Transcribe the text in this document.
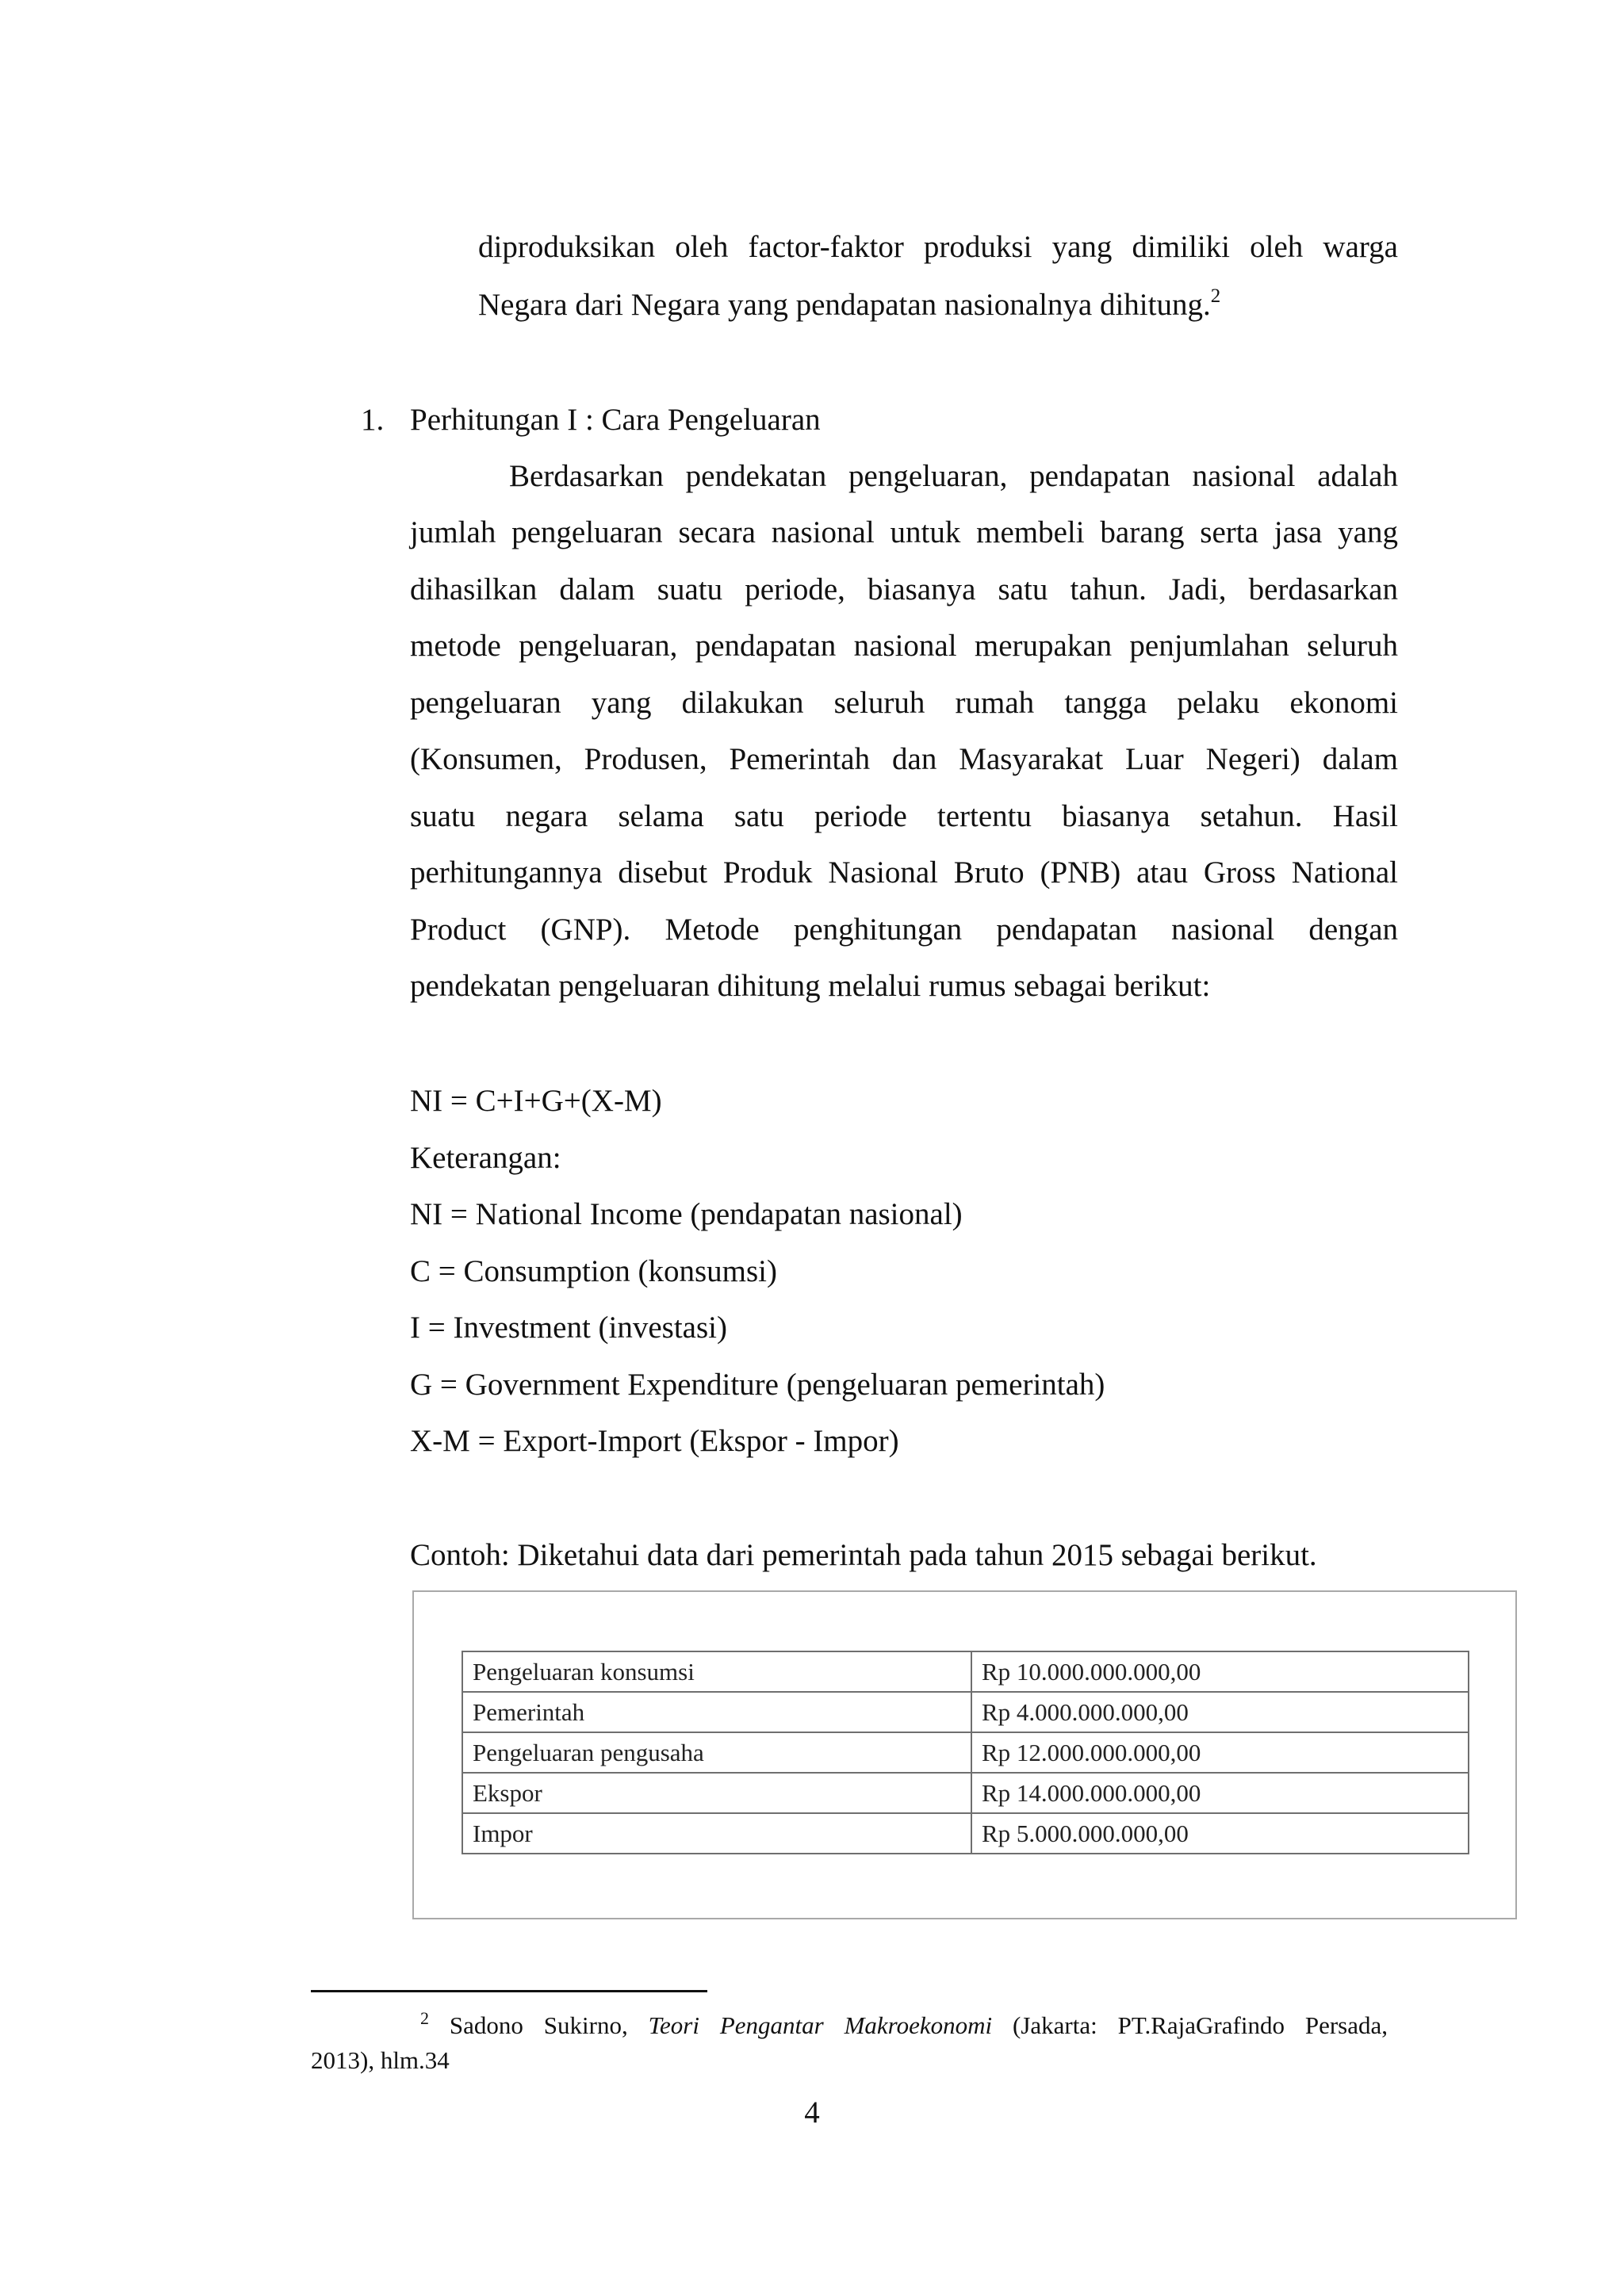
diproduksikan oleh factor-faktor produksi yang dimiliki oleh warga
Negara dari Negara yang pendapatan nasionalnya dihitung.$^2$
1. Perhitungan I : Cara Pengeluaran
Berdasarkan pendekatan pengeluaran, pendapatan nasional adalah
jumlah pengeluaran secara nasional untuk membeli barang serta jasa yang
dihasilkan dalam suatu periode, biasanya satu tahun. Jadi, berdasarkan
metode pengeluaran, pendapatan nasional merupakan penjumlahan seluruh
pengeluaran yang dilakukan seluruh rumah tangga pelaku ekonomi
(Konsumen, Produsen, Pemerintah dan Masyarakat Luar Negeri) dalam
suatu negara selama satu periode tertentu biasanya setahun. Hasil
perhitungannya disebut Produk Nasional Bruto (PNB) atau Gross National
Product (GNP). Metode penghitungan pendapatan nasional dengan
pendekatan pengeluaran dihitung melalui rumus sebagai berikut:
NI = C+I+G+(X-M)
Keterangan:
NI = National Income (pendapatan nasional)
C = Consumption (konsumsi)
I = Investment (investasi)
G = Government Expenditure (pengeluaran pemerintah)
X-M = Export-Import (Ekspor - Impor)
Contoh: Diketahui data dari pemerintah pada tahun 2015 sebagai berikut.
Pengeluaran konsumsi	Rp 10.000.000.000,00
Pemerintah	Rp 4.000.000.000,00
Pengeluaran pengusaha	Rp 12.000.000.000,00
Ekspor	Rp 14.000.000.000,00
Impor	Rp 5.000.000.000,00
$^2$ Sadono Sukirno, Teori Pengantar Makroekonomi (Jakarta: PT.RajaGrafindo Persada,
2013), hlm.34
4
